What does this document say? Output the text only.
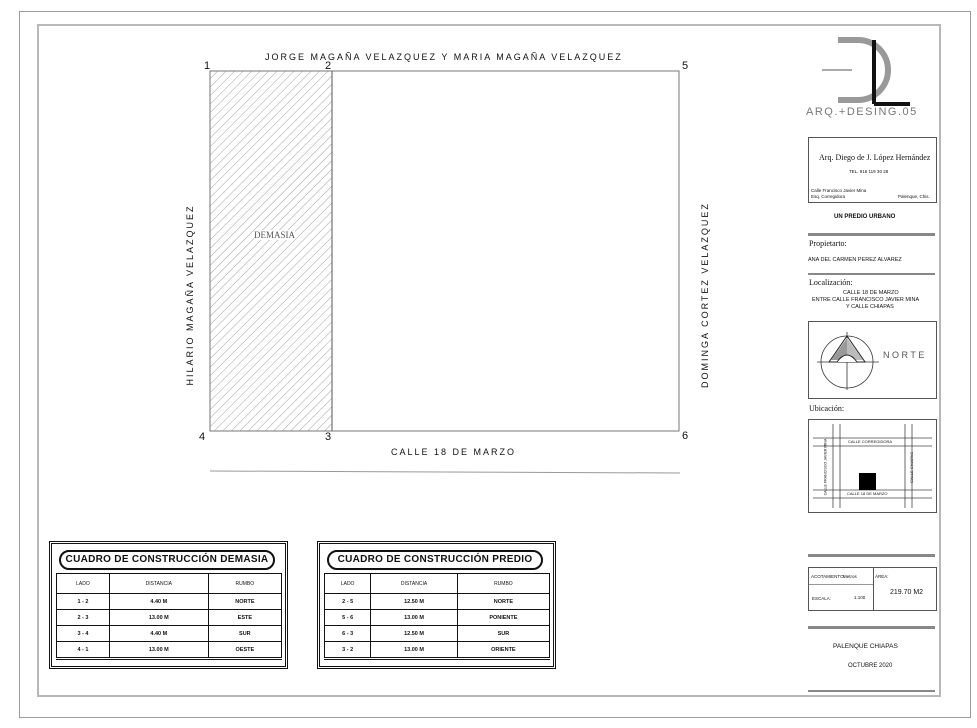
JORGE MAGAÑA VELAZQUEZ Y MARIA MAGAÑA VELAZQUEZ
1	2
3
4
5
6
DEMASIA
CALLE 18 DE MARZO
HILARIO MAGAÑA VELAZQUEZ	DOMINGA CORTEZ VELAZQUEZ
CUADRO DE CONSTRUCCIÓN DEMASIA
LADO	DISTANCIA	RUMBO
1 - 2	4.40 M	NORTE
2 - 3	13.00 M	ESTE
3 - 4	4.40 M	SUR
4 - 1	13.00 M	OESTE
CUADRO DE CONSTRUCCIÓN PREDIO
LADO	DISTANCIA	RUMBO
2 - 5	12.50 M	NORTE
5 - 6	13.00 M	PONIENTE
6 - 3	12.50 M	SUR
3 - 2	13.00 M	ORIENTE
ARQ.+DESING.05
Arq. Diego de J. López Hernández
TEL. 916 119 30 28
Calle Francisco Javier Mina
Esq. Corregidora	Palenque, Chis.
UN PREDIO URBANO
Propietarto:
ANA DEL CARMEN PEREZ ALVAREZ
Localización:
CALLE 18 DE MARZO
ENTRE CALLE FRANCISCO JAVIER MINA
Y CALLE CHIAPAS
NORTE
Ubicación:
CALLE CORREGIDORA
CALLE 18 DE MARZO
CALLE FRANCISCO JAVIER MINA	CALLE CHIAPAS
ACOTAMIENTO:
Metros	ÁREA:
ESCALA:	1:100
219.70 M2
PALENQUE CHIAPAS
OCTUBRE 2020
